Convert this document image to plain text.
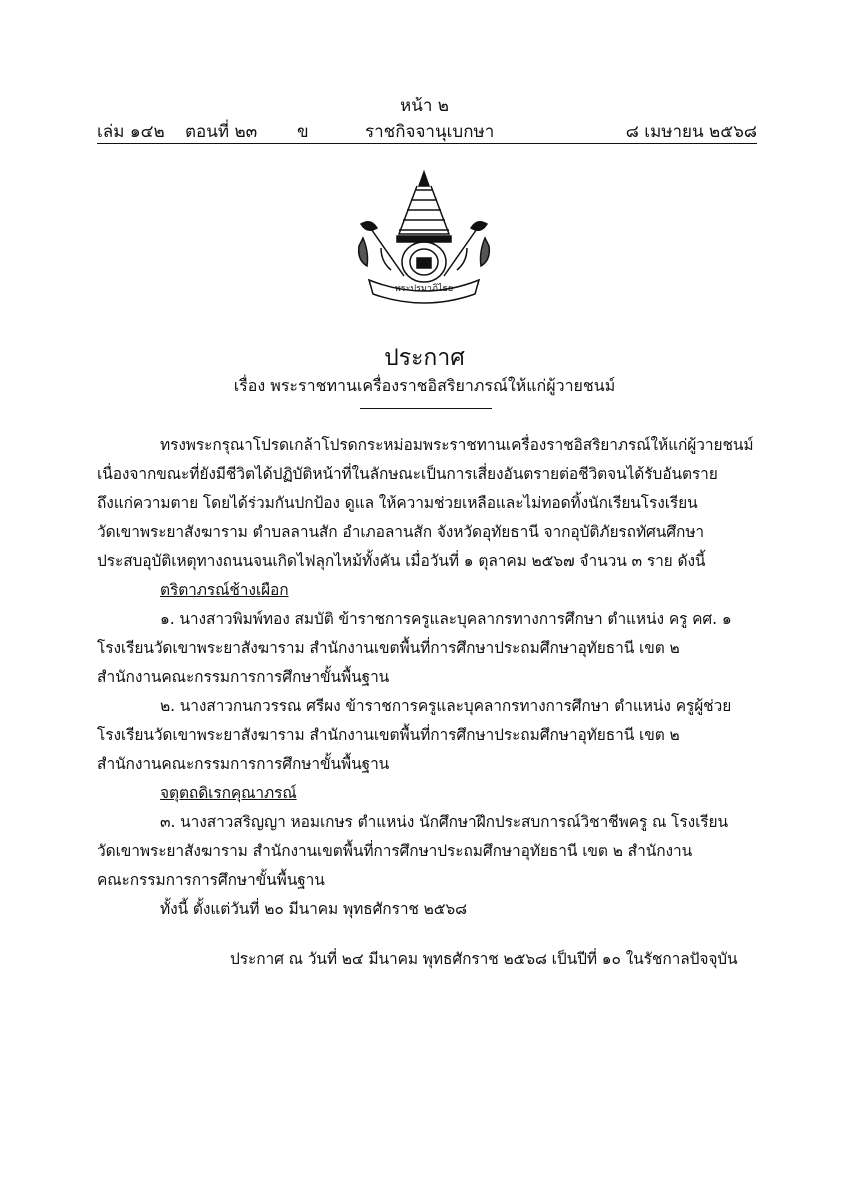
หน้า ๒
เล่ม ๑๔๒ ตอนที่ ๒๓ ข	ราชกิจจานุเบกษา	๘ เมษายน ๒๕๖๘
พระปรมาภิไธย
ประกาศ
เรื่อง พระราชทานเครื่องราชอิสริยาภรณ์ให้แก่ผู้วายชนม์
ทรงพระกรุณาโปรดเกล้าโปรดกระหม่อมพระราชทานเครื่องราชอิสริยาภรณ์ให้แก่ผู้วายชนม์
เนื่องจากขณะที่ยังมีชีวิตได้ปฏิบัติหน้าที่ในลักษณะเป็นการเสี่ยงอันตรายต่อชีวิตจนได้รับอันตราย
ถึงแก่ความตาย โดยได้ร่วมกันปกป้อง ดูแล ให้ความช่วยเหลือและไม่ทอดทิ้งนักเรียนโรงเรียน
วัดเขาพระยาสังฆาราม ตำบลลานสัก อำเภอลานสัก จังหวัดอุทัยธานี จากอุบัติภัยรถทัศนศึกษา
ประสบอุบัติเหตุทางถนนจนเกิดไฟลุกไหม้ทั้งคัน เมื่อวันที่ ๑ ตุลาคม ๒๕๖๗ จำนวน ๓ ราย ดังนี้
ตริตาภรณ์ช้างเผือก
๑. นางสาวพิมพ์ทอง สมบัติ ข้าราชการครูและบุคลากรทางการศึกษา ตำแหน่ง ครู คศ. ๑
โรงเรียนวัดเขาพระยาสังฆาราม สำนักงานเขตพื้นที่การศึกษาประถมศึกษาอุทัยธานี เขต ๒
สำนักงานคณะกรรมการการศึกษาขั้นพื้นฐาน
๒. นางสาวกนกวรรณ ศรีผง ข้าราชการครูและบุคลากรทางการศึกษา ตำแหน่ง ครูผู้ช่วย
โรงเรียนวัดเขาพระยาสังฆาราม สำนักงานเขตพื้นที่การศึกษาประถมศึกษาอุทัยธานี เขต ๒
สำนักงานคณะกรรมการการศึกษาขั้นพื้นฐาน
จตุตถดิเรกคุณาภรณ์
๓. นางสาวสริญญา หอมเกษร ตำแหน่ง นักศึกษาฝึกประสบการณ์วิชาชีพครู ณ โรงเรียน
วัดเขาพระยาสังฆาราม สำนักงานเขตพื้นที่การศึกษาประถมศึกษาอุทัยธานี เขต ๒ สำนักงาน
คณะกรรมการการศึกษาขั้นพื้นฐาน
ทั้งนี้ ตั้งแต่วันที่ ๒๐ มีนาคม พุทธศักราช ๒๕๖๘
ประกาศ ณ วันที่ ๒๔ มีนาคม พุทธศักราช ๒๕๖๘ เป็นปีที่ ๑๐ ในรัชกาลปัจจุบัน
